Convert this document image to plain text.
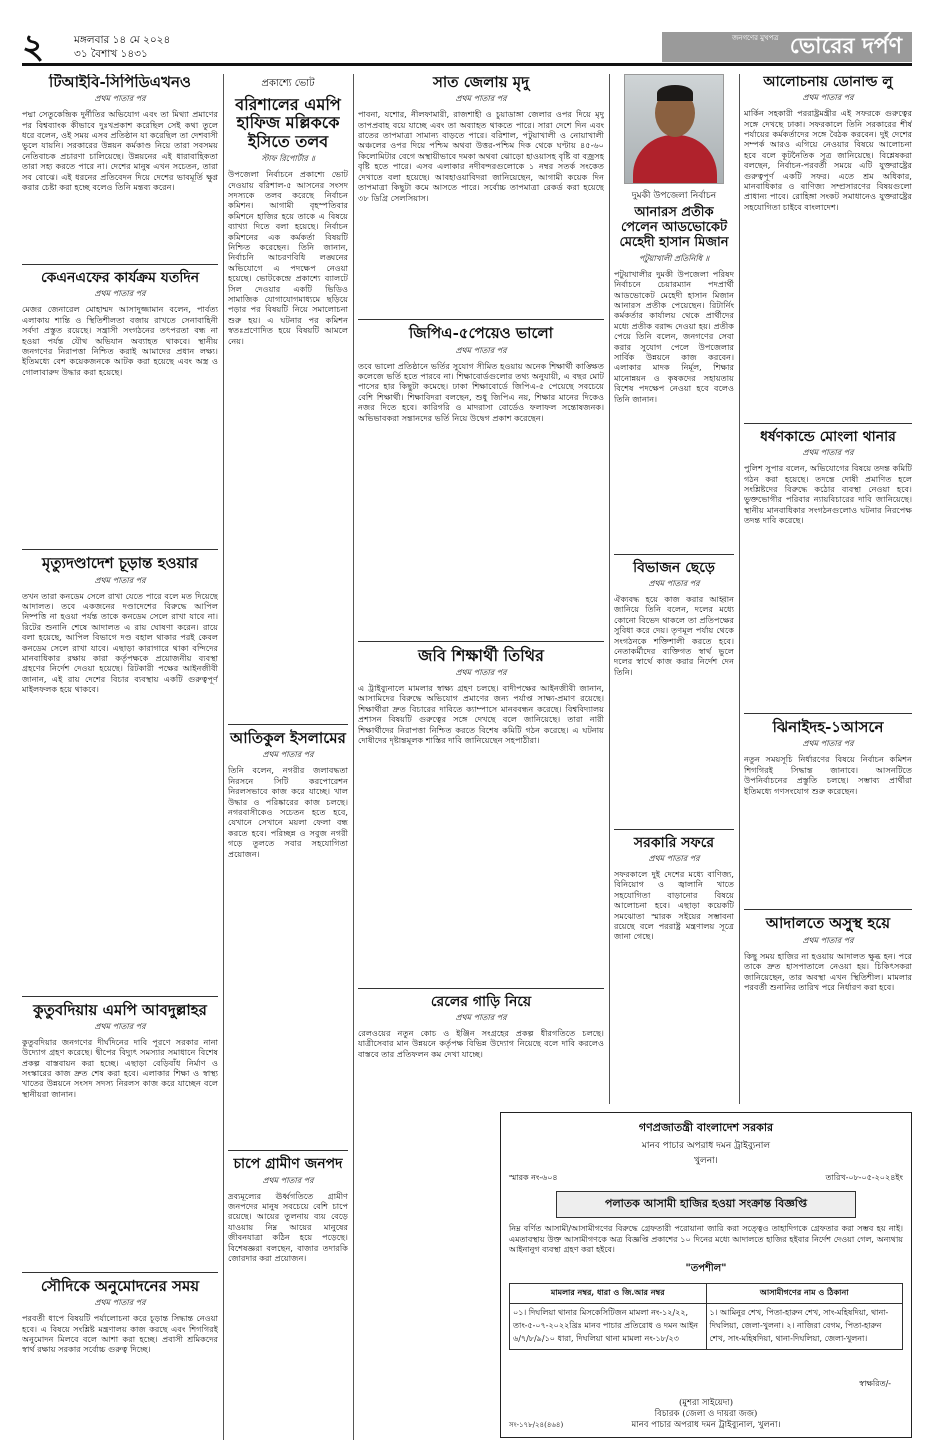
২	মঙ্গলবার ১৪ মে ২০২৪
৩১ বৈশাখ ১৪৩১
জনগণের মুখপত্র ভোরের দর্পণ
টিআইবি-সিপিডিএখনও
প্রথম পাতার পর
পদ্মা সেতুকেন্দ্রিক দুর্নীতির অভিযোগ এবং তা মিথ্যা প্রমাণের পর বিশ্বব্যাংক কীভাবে দুঃখপ্রকাশ করেছিল সেই কথা তুলে ধরে বলেন, ওই সময় এসব প্রতিষ্ঠান যা করেছিল তা দেশবাসী ভুলে যায়নি। সরকারের উন্নয়ন কর্মকাণ্ড নিয়ে তারা সবসময় নেতিবাচক প্রচারণা চালিয়েছে। উন্নয়নের এই ধারাবাহিকতা তারা সহ্য করতে পারে না। দেশের মানুষ এখন সচেতন, তারা সব বোঝে। এই ধরনের প্রতিবেদন দিয়ে দেশের ভাবমূর্তি ক্ষুণ্ণ করার চেষ্টা করা হচ্ছে বলেও তিনি মন্তব্য করেন।
কেএনএফের কার্যক্রম যতদিন
প্রথম পাতার পর
মেজর জেনারেল মোহাম্মদ আসাদুজ্জামান বলেন, পার্বত্য এলাকায় শান্তি ও স্থিতিশীলতা বজায় রাখতে সেনাবাহিনী সর্বদা প্রস্তুত রয়েছে। সন্ত্রাসী সংগঠনের তৎপরতা বন্ধ না হওয়া পর্যন্ত যৌথ অভিযান অব্যাহত থাকবে। স্থানীয় জনগণের নিরাপত্তা নিশ্চিত করাই আমাদের প্রধান লক্ষ্য। ইতিমধ্যে বেশ কয়েকজনকে আটক করা হয়েছে এবং অস্ত্র ও গোলাবারুদ উদ্ধার করা হয়েছে।
মৃত্যুদণ্ডাদেশ চূড়ান্ত হওয়ার
প্রথম পাতার পর
তখন তারা কনডেম সেলে রাখা যেতে পারে বলে মত দিয়েছে আদালত। তবে একজনের দণ্ডাদেশের বিরুদ্ধে আপিল নিষ্পত্তি না হওয়া পর্যন্ত তাকে কনডেম সেলে রাখা যাবে না। রিটের শুনানি শেষে আদালত এ রায় ঘোষণা করেন। রায়ে বলা হয়েছে, আপিল বিভাগে দণ্ড বহাল থাকার পরই কেবল কনডেম সেলে রাখা যাবে। এছাড়া কারাগারে থাকা বন্দিদের মানবাধিকার রক্ষায় কারা কর্তৃপক্ষকে প্রয়োজনীয় ব্যবস্থা গ্রহণের নির্দেশ দেওয়া হয়েছে। রিটকারী পক্ষের আইনজীবী জানান, এই রায় দেশের বিচার ব্যবস্থায় একটি গুরুত্বপূর্ণ মাইলফলক হয়ে থাকবে।
কুতুবদিয়ায় এমপি আবদুল্লাহর
প্রথম পাতার পর
কুতুবদিয়ার জনগণের দীর্ঘদিনের দাবি পূরণে সরকার নানা উদ্যোগ গ্রহণ করেছে। দ্বীপের বিদ্যুৎ সমস্যার সমাধানে বিশেষ প্রকল্প বাস্তবায়ন করা হচ্ছে। এছাড়া বেড়িবাঁধ নির্মাণ ও সংস্কারের কাজ দ্রুত শেষ করা হবে। এলাকার শিক্ষা ও স্বাস্থ্য খাতের উন্নয়নে সংসদ সদস্য নিরলস কাজ করে যাচ্ছেন বলে স্থানীয়রা জানান।
সৌদিকে অনুমোদনের সময়
প্রথম পাতার পর
পরবর্তী ধাপে বিষয়টি পর্যালোচনা করে চূড়ান্ত সিদ্ধান্ত নেওয়া হবে। এ বিষয়ে সংশ্লিষ্ট মন্ত্রণালয় কাজ করছে এবং শিগগিরই অনুমোদন মিলবে বলে আশা করা হচ্ছে। প্রবাসী শ্রমিকদের স্বার্থ রক্ষায় সরকার সর্বোচ্চ গুরুত্ব দিচ্ছে।
প্রকাশ্যে ভোট
বরিশালের এমপি হাফিজ মল্লিককে ইসিতে তলব
স্টাফ রিপোর্টার ॥
উপজেলা নির্বাচনে প্রকাশ্যে ভোট দেওয়ায় বরিশাল-৫ আসনের সংসদ সদস্যকে তলব করেছে নির্বাচন কমিশন। আগামী বৃহস্পতিবার কমিশনে হাজির হয়ে তাকে এ বিষয়ে ব্যাখ্যা দিতে বলা হয়েছে। নির্বাচন কমিশনের এক কর্মকর্তা বিষয়টি নিশ্চিত করেছেন। তিনি জানান, নির্বাচনি আচরণবিধি লঙ্ঘনের অভিযোগে এ পদক্ষেপ নেওয়া হয়েছে। ভোটকেন্দ্রে প্রকাশ্যে ব্যালটে সিল দেওয়ার একটি ভিডিও সামাজিক যোগাযোগমাধ্যমে ছড়িয়ে পড়ার পর বিষয়টি নিয়ে সমালোচনা শুরু হয়। এ ঘটনার পর কমিশন স্বতঃপ্রণোদিত হয়ে বিষয়টি আমলে নেয়।
আতিকুল ইসলামের
প্রথম পাতার পর
তিনি বলেন, নগরীর জলাবদ্ধতা নিরসনে সিটি করপোরেশন নিরলসভাবে কাজ করে যাচ্ছে। খাল উদ্ধার ও পরিষ্কারের কাজ চলছে। নগরবাসীকেও সচেতন হতে হবে, যেখানে সেখানে ময়লা ফেলা বন্ধ করতে হবে। পরিচ্ছন্ন ও সবুজ নগরী গড়ে তুলতে সবার সহযোগিতা প্রয়োজন।
চাপে গ্রামীণ জনপদ
প্রথম পাতার পর
দ্রব্যমূল্যের ঊর্ধ্বগতিতে গ্রামীণ জনপদের মানুষ সবচেয়ে বেশি চাপে রয়েছে। আয়ের তুলনায় ব্যয় বেড়ে যাওয়ায় নিম্ন আয়ের মানুষের জীবনযাত্রা কঠিন হয়ে পড়েছে। বিশেষজ্ঞরা বলছেন, বাজার তদারকি জোরদার করা প্রয়োজন।
সাত জেলায় মৃদু
প্রথম পাতার পর
পাবনা, যশোর, নীলফামারী, রাজশাহী ও চুয়াডাঙ্গা জেলার ওপর দিয়ে মৃদু তাপপ্রবাহ বয়ে যাচ্ছে এবং তা অব্যাহত থাকতে পারে। সারা দেশে দিন এবং রাতের তাপমাত্রা সামান্য বাড়তে পারে। বরিশাল, পটুয়াখালী ও নোয়াখালী অঞ্চলের ওপর দিয়ে পশ্চিম অথবা উত্তর-পশ্চিম দিক থেকে ঘণ্টায় ৪৫-৬০ কিলোমিটার বেগে অস্থায়ীভাবে দমকা অথবা ঝোড়ো হাওয়াসহ বৃষ্টি বা বজ্রসহ বৃষ্টি হতে পারে। এসব এলাকার নদীবন্দরগুলোকে ১ নম্বর সতর্ক সংকেত দেখাতে বলা হয়েছে। আবহাওয়াবিদরা জানিয়েছেন, আগামী কয়েক দিন তাপমাত্রা কিছুটা কমে আসতে পারে। সর্বোচ্চ তাপমাত্রা রেকর্ড করা হয়েছে ৩৮ ডিগ্রি সেলসিয়াস।
জিপিএ-৫পেয়েও ভালো
প্রথম পাতার পর
তবে ভালো প্রতিষ্ঠানে ভর্তির সুযোগ সীমিত হওয়ায় অনেক শিক্ষার্থী কাঙ্ক্ষিত কলেজে ভর্তি হতে পারবে না। শিক্ষাবোর্ডগুলোর তথ্য অনুযায়ী, এ বছর মোট পাসের হার কিছুটা কমেছে। ঢাকা শিক্ষাবোর্ডে জিপিএ-৫ পেয়েছে সবচেয়ে বেশি শিক্ষার্থী। শিক্ষাবিদরা বলছেন, শুধু জিপিএ নয়, শিক্ষার মানের দিকেও নজর দিতে হবে। কারিগরি ও মাদরাসা বোর্ডেও ফলাফল সন্তোষজনক। অভিভাবকরা সন্তানদের ভর্তি নিয়ে উদ্বেগ প্রকাশ করেছেন।
জবি শিক্ষার্থী তিথির
প্রথম পাতার পর
এ ট্রাইব্যুনালে মামলার স্বাক্ষ্য গ্রহণ চলছে। বাদীপক্ষের আইনজীবী জানান, আসামিদের বিরুদ্ধে অভিযোগ প্রমাণের জন্য পর্যাপ্ত সাক্ষ্য-প্রমাণ রয়েছে। শিক্ষার্থীরা দ্রুত বিচারের দাবিতে ক্যাম্পাসে মানববন্ধন করেছে। বিশ্ববিদ্যালয় প্রশাসন বিষয়টি গুরুত্বের সঙ্গে দেখছে বলে জানিয়েছে। তারা নারী শিক্ষার্থীদের নিরাপত্তা নিশ্চিত করতে বিশেষ কমিটি গঠন করেছে। এ ঘটনায় দোষীদের দৃষ্টান্তমূলক শাস্তির দাবি জানিয়েছেন সহপাঠীরা।
রেলের গাড়ি নিয়ে
প্রথম পাতার পর
রেলওয়ের নতুন কোচ ও ইঞ্জিন সংগ্রহের প্রকল্প ধীরগতিতে চলছে। যাত্রীসেবার মান উন্নয়নে কর্তৃপক্ষ বিভিন্ন উদ্যোগ নিয়েছে বলে দাবি করলেও বাস্তবে তার প্রতিফলন কম দেখা যাচ্ছে।
দুমকী উপজেলা নির্বাচন
আনারস প্রতীক পেলেন আডভোকেট মেহেদী হাসান মিজান
পটুয়াখালী প্রতিনিধি ॥
পটুয়াখালীর দুমকী উপজেলা পরিষদ নির্বাচনে চেয়ারম্যান পদপ্রার্থী আডভোকেট মেহেদী হাসান মিজান আনারস প্রতীক পেয়েছেন। রিটার্নিং কর্মকর্তার কার্যালয় থেকে প্রার্থীদের মধ্যে প্রতীক বরাদ্দ দেওয়া হয়। প্রতীক পেয়ে তিনি বলেন, জনগণের সেবা করার সুযোগ পেলে উপজেলার সার্বিক উন্নয়নে কাজ করবেন। এলাকার মাদক নির্মূল, শিক্ষার মানোন্নয়ন ও কৃষকদের সহায়তায় বিশেষ পদক্ষেপ নেওয়া হবে বলেও তিনি জানান।
বিভাজন ছেড়ে
প্রথম পাতার পর
ঐক্যবদ্ধ হয়ে কাজ করার আহ্বান জানিয়ে তিনি বলেন, দলের মধ্যে কোনো বিভেদ থাকলে তা প্রতিপক্ষের সুবিধা করে দেয়। তৃণমূল পর্যায় থেকে সংগঠনকে শক্তিশালী করতে হবে। নেতাকর্মীদের ব্যক্তিগত স্বার্থ ভুলে দলের স্বার্থে কাজ করার নির্দেশ দেন তিনি।
সরকারি সফরে
প্রথম পাতার পর
সফরকালে দুই দেশের মধ্যে বাণিজ্য, বিনিয়োগ ও জ্বালানি খাতে সহযোগিতা বাড়ানোর বিষয়ে আলোচনা হবে। এছাড়া কয়েকটি সমঝোতা স্মারক সইয়ের সম্ভাবনা রয়েছে বলে পররাষ্ট্র মন্ত্রণালয় সূত্রে জানা গেছে।
আলোচনায় ডোনাল্ড লু
প্রথম পাতার পর
মার্কিন সহকারী পররাষ্ট্রমন্ত্রীর এই সফরকে গুরুত্বের সঙ্গে দেখছে ঢাকা। সফরকালে তিনি সরকারের শীর্ষ পর্যায়ের কর্মকর্তাদের সঙ্গে বৈঠক করবেন। দুই দেশের সম্পর্ক আরও এগিয়ে নেওয়ার বিষয়ে আলোচনা হবে বলে কূটনৈতিক সূত্র জানিয়েছে। বিশ্লেষকরা বলছেন, নির্বাচন-পরবর্তী সময়ে এটি যুক্তরাষ্ট্রের গুরুত্বপূর্ণ একটি সফর। এতে শ্রম অধিকার, মানবাধিকার ও বাণিজ্য সম্প্রসারণের বিষয়গুলো প্রাধান্য পাবে। রোহিঙ্গা সংকট সমাধানেও যুক্তরাষ্ট্রের সহযোগিতা চাইবে বাংলাদেশ।
ধর্ষণকান্ডে মোংলা থানার
প্রথম পাতার পর
পুলিশ সুপার বলেন, অভিযোগের বিষয়ে তদন্ত কমিটি গঠন করা হয়েছে। তদন্তে দোষী প্রমাণিত হলে সংশ্লিষ্টদের বিরুদ্ধে কঠোর ব্যবস্থা নেওয়া হবে। ভুক্তভোগীর পরিবার ন্যায়বিচারের দাবি জানিয়েছে। স্থানীয় মানবাধিকার সংগঠনগুলোও ঘটনার নিরপেক্ষ তদন্ত দাবি করেছে।
ঝিনাইদহ-১আসনে
প্রথম পাতার পর
নতুন সময়সূচি নির্ধারণের বিষয়ে নির্বাচন কমিশন শিগগিরই সিদ্ধান্ত জানাবে। আসনটিতে উপনির্বাচনের প্রস্তুতি চলছে। সম্ভাব্য প্রার্থীরা ইতিমধ্যে গণসংযোগ শুরু করেছেন।
আদালতে অসুস্থ হয়ে
প্রথম পাতার পর
কিছু সময় হাজির না হওয়ায় আদালত ক্ষুব্ধ হন। পরে তাকে দ্রুত হাসপাতালে নেওয়া হয়। চিকিৎসকরা জানিয়েছেন, তার অবস্থা এখন স্থিতিশীল। মামলার পরবর্তী শুনানির তারিখ পরে নির্ধারণ করা হবে।
গণপ্রজাতন্ত্রী বাংলাদেশ সরকার
মানব পাচার অপরাধ দমন ট্রাইব্যুনাল
খুলনা।
স্মারক নং-৬০৪	তারিখ-০৮-০৫-২০২৪ইং
পলাতক আসামী হাজির হওয়া সংক্রান্ত বিজ্ঞপ্তি
নিম্ন বর্ণিত আসামী/আসামীগণের বিরুদ্ধে গ্রেফতারী পরোয়ানা জারি করা সত্ত্বেও তাহাদিগকে গ্রেফতার করা সম্ভব হয় নাই। এমতাবস্থায় উক্ত আসামীগণকে অত্র বিজ্ঞপ্তি প্রকাশের ১০ দিনের মধ্যে আদালতে হাজির হইবার নির্দেশ দেওয়া গেল, অন্যথায় আইনানুগ ব্যবস্থা গ্রহণ করা হইবে।
"তপশীল"
মামলার নম্বর, ধারা ও জি.আর নম্বর	আসামীগণের নাম ও ঠিকানা
০১। দিঘলিয়া থানার মিসকেসিটিজন মামলা নং-১২/২২, তাং-৫-০৭-২০২২খ্রিঃ মানব পাচার প্রতিরোধ ও দমন আইন ৬/৭/৮/৯/১০ ধারা, দিঘলিয়া থানা মামলা নং-১৮/২৩	১। আমিনুর শেখ, পিতা-হারুন শেখ, সাং-মহিষদিয়া, থানা-দিঘলিয়া, জেলা-খুলনা। ২। নাজিরা বেগম, পিতা-হারুন শেখ, সাং-মহিষদিয়া, থানা-দিঘলিয়া, জেলা-খুলনা।
স্বাক্ষরিত/-
(মুশরা সাইয়েদা)
বিচারক (জেলা ও দায়রা জজ)
মানব পাচার অপরাধ দমন ট্রাইব্যুনাল, খুলনা।
সং-১৭৮/২৪(৪৬৪)
